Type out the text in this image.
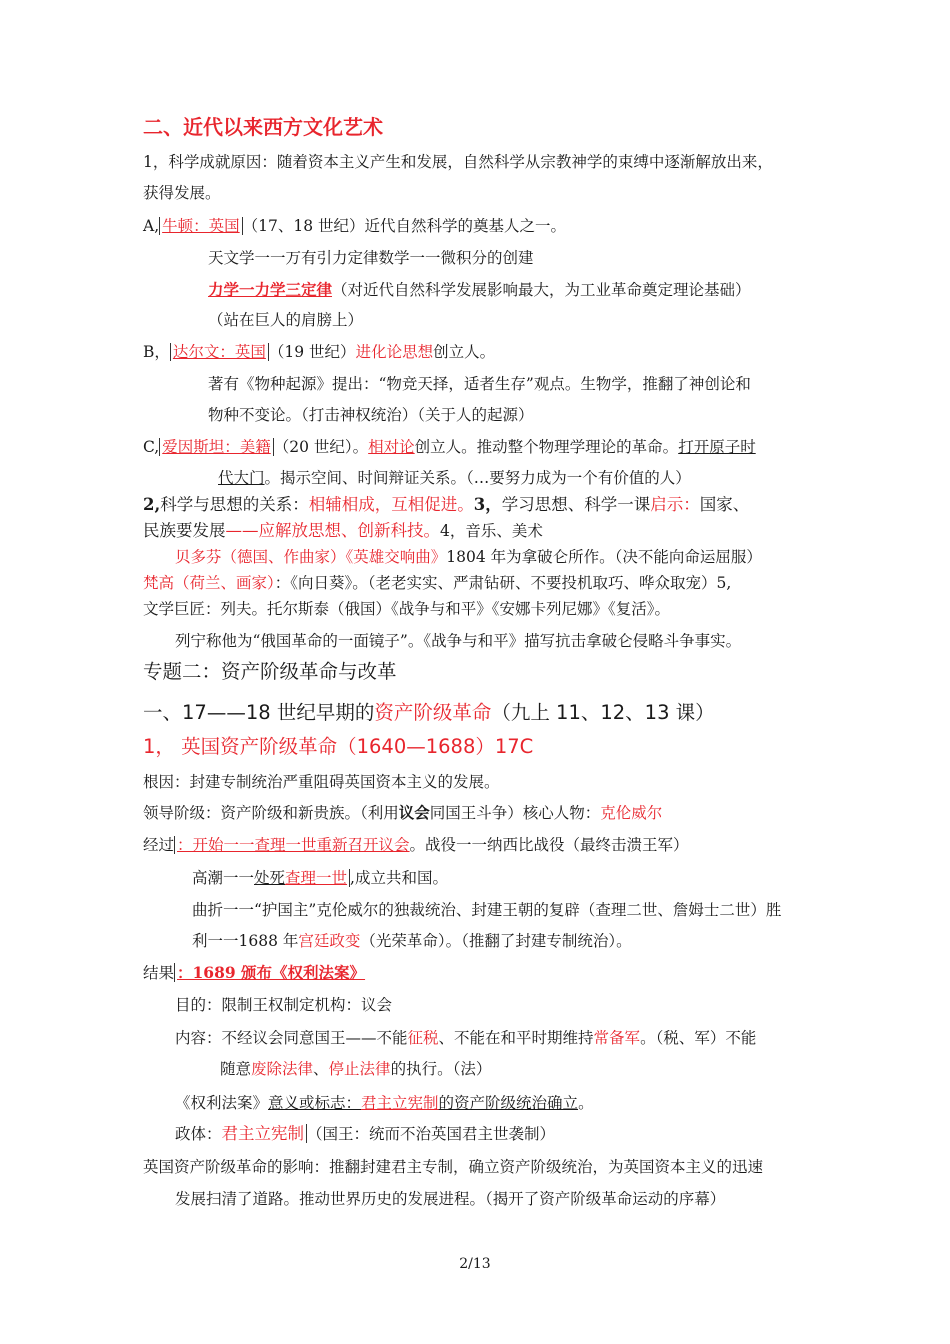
二、近代以来西方文化艺术
1，科学成就原因：随着资本主义产生和发展，自然科学从宗教神学的束缚中逐渐解放出来，
获得发展。
A, 牛顿：英国 （17、18 世纪）近代自然科学的奠基人之一。
天文学一一万有引力定律数学一一微积分的创建
力学一力学三定律（对近代自然科学发展影响最大，为工业革命奠定理论基础）
（站在巨人的肩膀上）
B， 达尔文：英国 （19 世纪）进化论思想创立人。
著有《物种起源》提出：“物竞天择，适者生存”观点。生物学，推翻了神创论和
物种不变论。（打击神权统治）（关于人的起源）
C, 爱因斯坦：美籍 （20 世纪）。相对论创立人。推动整个物理学理论的革命。打开原子时
代大门。揭示空间、时间辩证关系。（…要努力成为一个有价值的人）
2,科学与思想的关系：相辅相成，互相促进。3，学习思想、科学一课启示：国家、
民族要发展——应解放思想、创新科技。4，音乐、美术
贝多芬（德国、作曲家）《英雄交响曲》1804 年为拿破仑所作。（决不能向命运屈服）
梵高（荷兰、画家）：《向日葵》。（老老实实、严肃钻研、不要投机取巧、哗众取宠）5,
文学巨匠：列夫。托尔斯泰（俄国）《战争与和平》《安娜卡列尼娜》《复活》。
列宁称他为“俄国革命的一面镜子”。《战争与和平》描写抗击拿破仑侵略斗争事实。
专题二：资产阶级革命与改革
一、17——18 世纪早期的资产阶级革命（九上 11、12、13 课）
1， 英国资产阶级革命（1640—1688）17C
根因：封建专制统治严重阻碍英国资本主义的发展。
领导阶级：资产阶级和新贵族。（利用议会同国王斗争）核心人物：克伦威尔
经过 ：开始一一查理一世重新召开议会。战役一一纳西比战役（最终击溃王军）
高潮一一处死查理一世 ,成立共和国。
曲折一一“护国主”克伦威尔的独裁统治、封建王朝的复辟（查理二世、詹姆士二世）胜
利一一1688 年宫廷政变（光荣革命）。（推翻了封建专制统治）。
结果 ：1689 颁布《权利法案》
目的：限制王权制定机构：议会
内容：不经议会同意国王——不能征税、不能在和平时期维持常备军。（税、军）不能
随意废除法律、停止法律的执行。（法）
《权利法案》意义或标志：君主立宪制的资产阶级统治确立。
政体：君主立宪制 （国王：统而不治英国君主世袭制）
英国资产阶级革命的影响：推翻封建君主专制，确立资产阶级统治，为英国资本主义的迅速
发展扫清了道路。推动世界历史的发展进程。（揭开了资产阶级革命运动的序幕）
2/13
